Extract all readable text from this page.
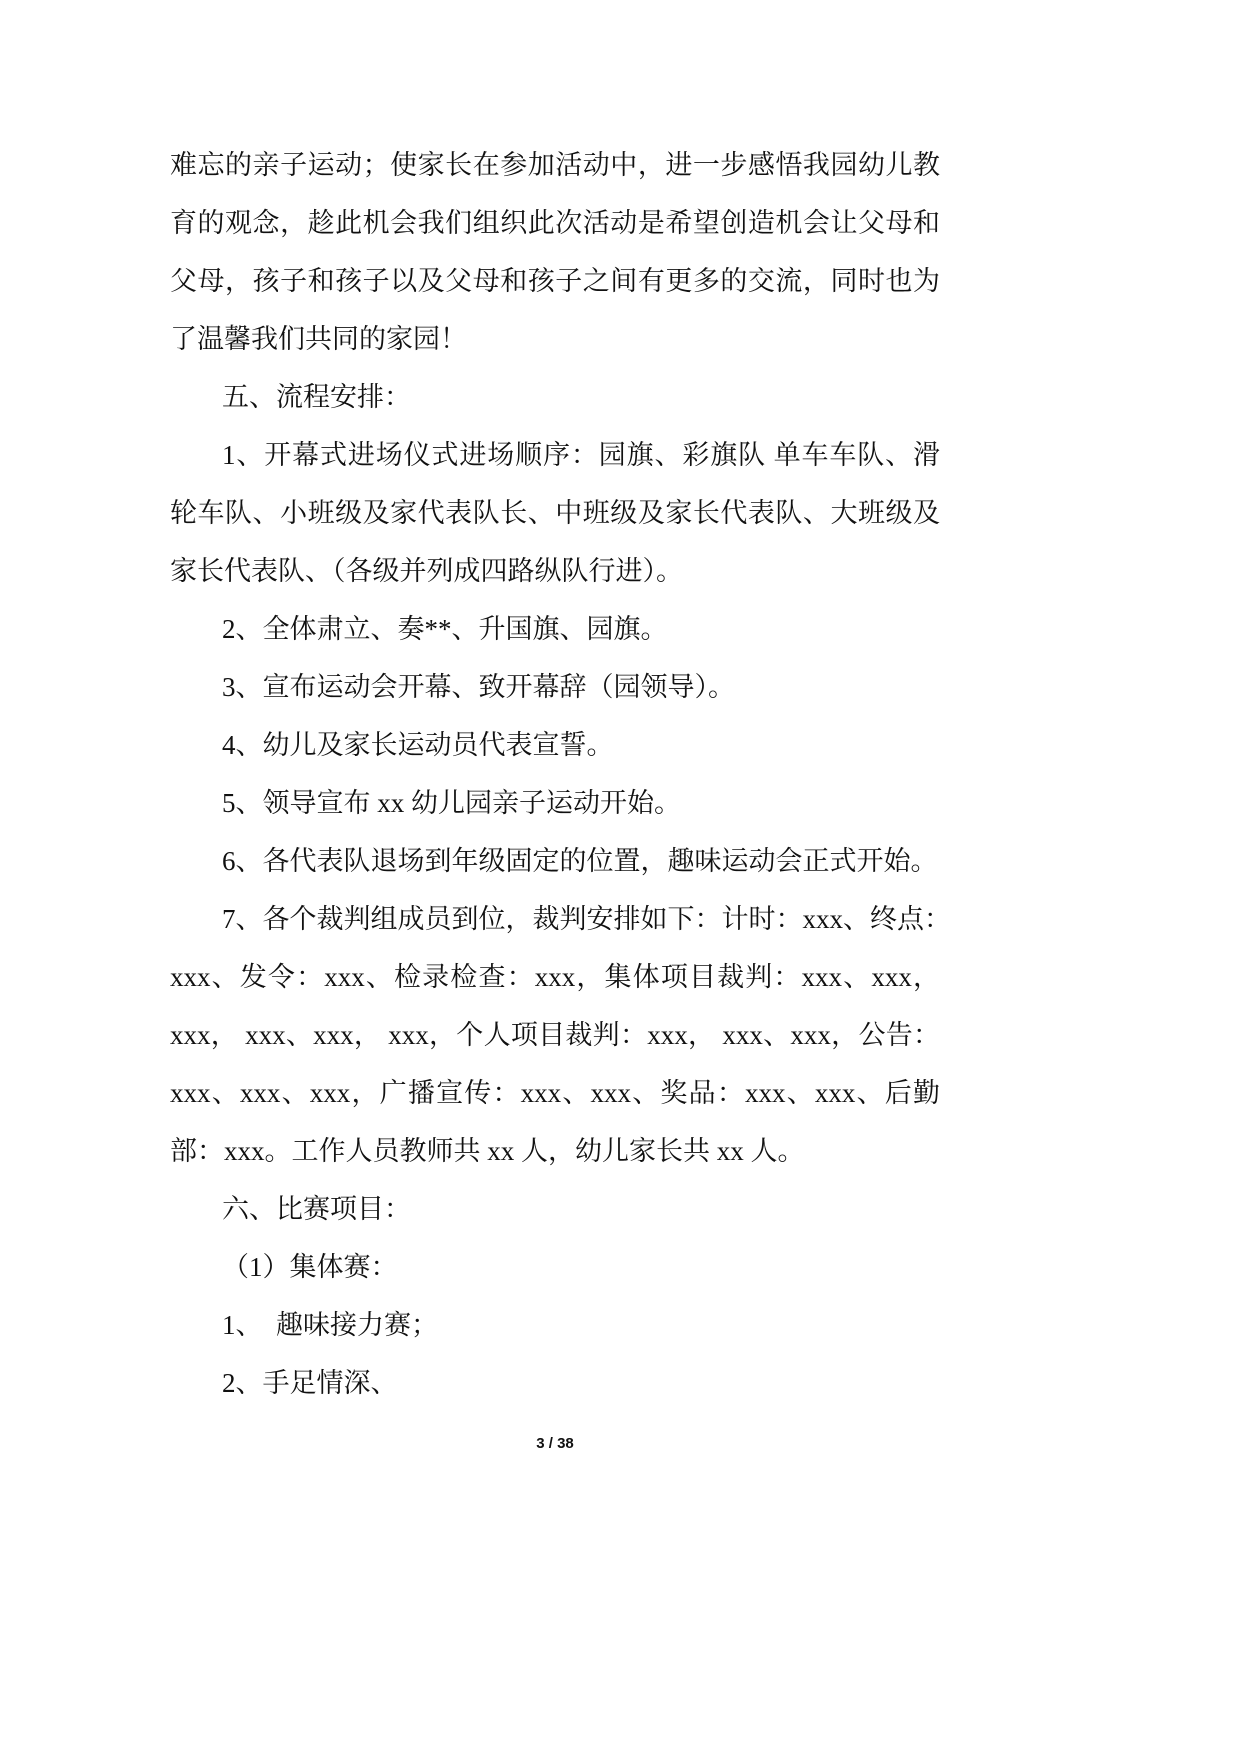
难忘的亲子运动；使家长在参加活动中，进一步感悟我园幼儿教
育的观念，趁此机会我们组织此次活动是希望创造机会让父母和
父母，孩子和孩子以及父母和孩子之间有更多的交流，同时也为
了温馨我们共同的家园！
五、流程安排：
1、开幕式进场仪式进场顺序：园旗、彩旗队 单车车队、滑
轮车队、小班级及家代表队长、中班级及家长代表队、大班级及
家长代表队、（各级并列成四路纵队行进）。
2、全体肃立、奏**、升国旗、园旗。
3、宣布运动会开幕、致开幕辞（园领导）。
4、幼儿及家长运动员代表宣誓。
5、领导宣布 xx 幼儿园亲子运动开始。
6、各代表队退场到年级固定的位置，趣味运动会正式开始。
7、各个裁判组成员到位，裁判安排如下：计时：xxx、终点：
xxx、发令：xxx、检录检查：xxx，集体项目裁判：xxx、xxx，
xxx， xxx、xxx， xxx，个人项目裁判：xxx， xxx、xxx，公告：
xxx、xxx、xxx，广播宣传：xxx、xxx、奖品：xxx、xxx、后勤
部：xxx。工作人员教师共 xx 人，幼儿家长共 xx 人。
六、比赛项目：
（1）集体赛：
1、  趣味接力赛；
2、手足情深、
3 / 38
